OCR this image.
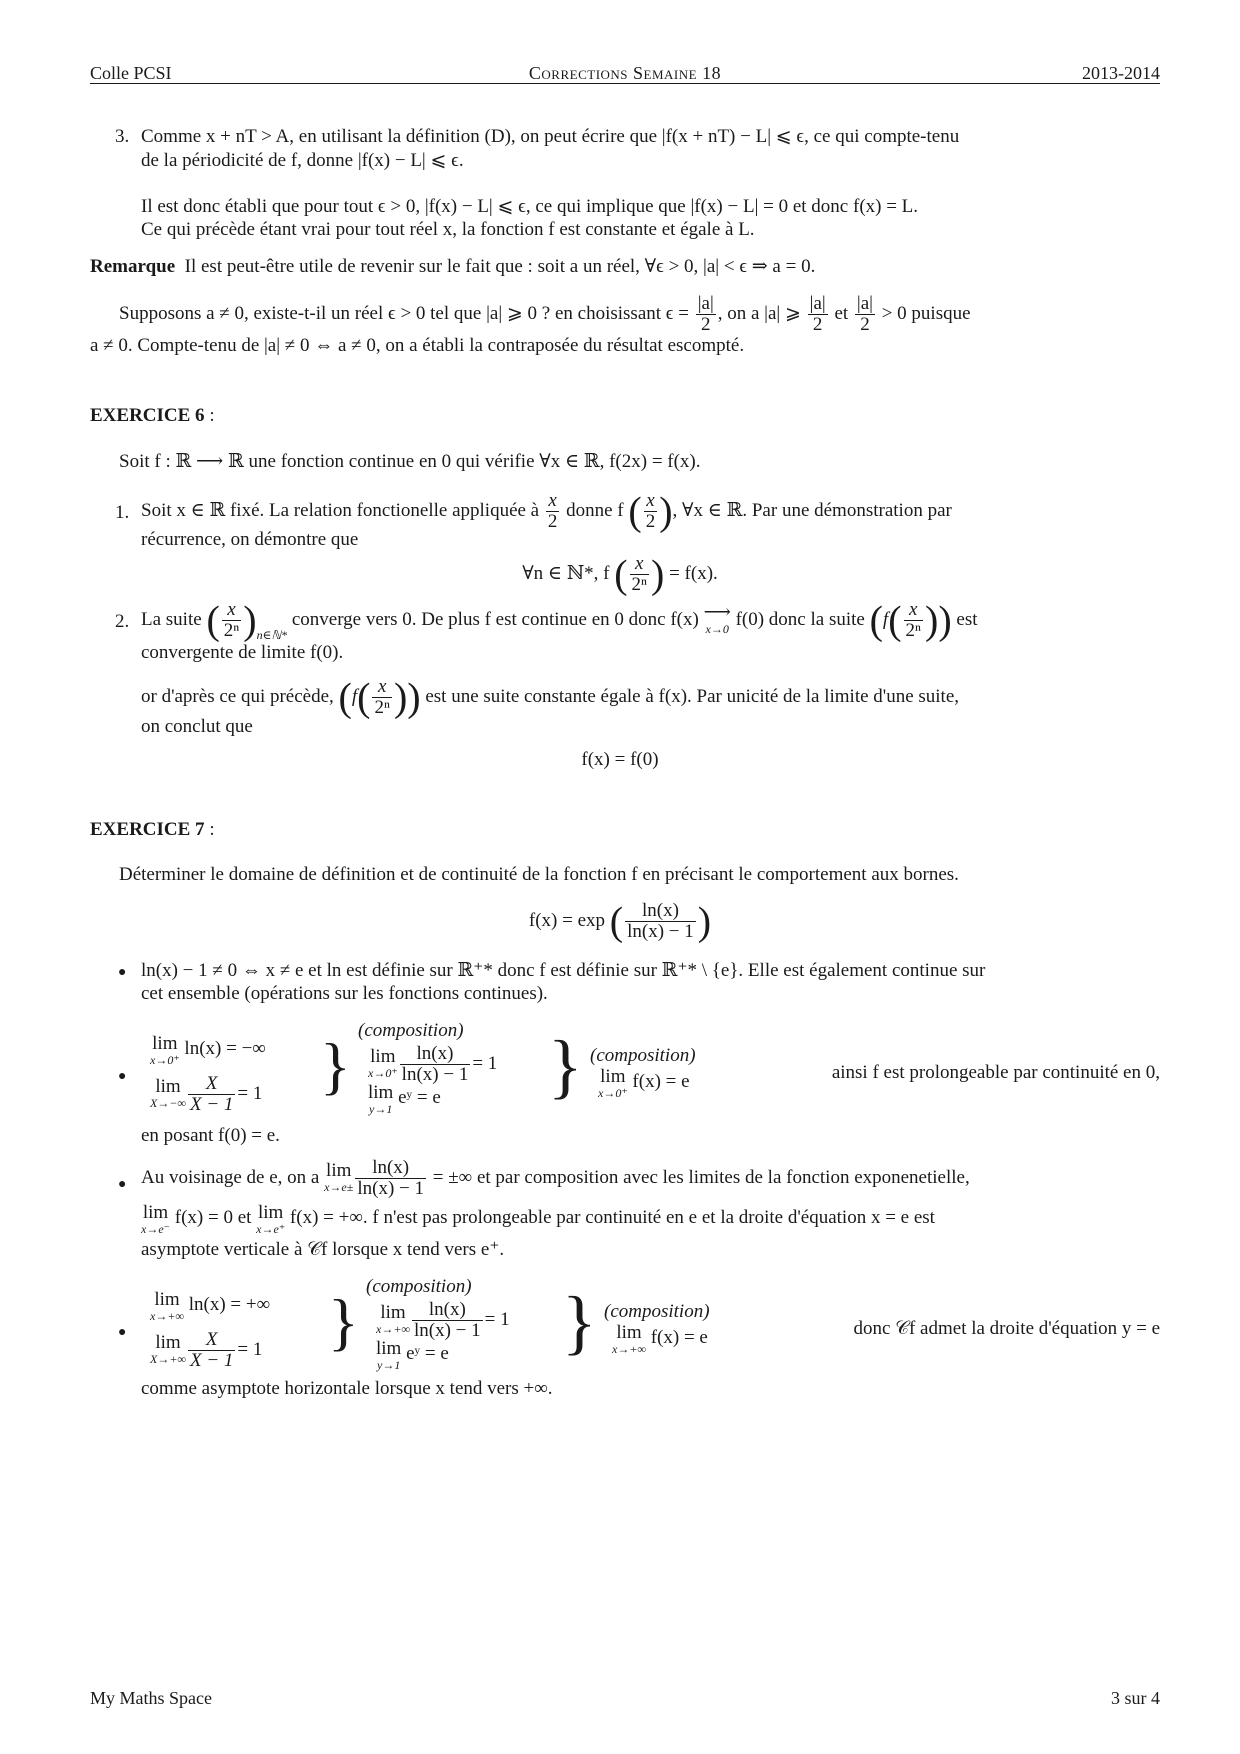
Colle PCSI	Corrections Semaine 18	2013-2014
3. Comme x + nT > A, en utilisant la définition (D), on peut écrire que |f(x + nT) − L| ⩽ ϵ, ce qui compte-tenu
de la périodicité de f, donne |f(x) − L| ⩽ ϵ.
Il est donc établi que pour tout ϵ > 0, |f(x) − L| ⩽ ϵ, ce qui implique que |f(x) − L| = 0 et donc f(x) = L.
Ce qui précède étant vrai pour tout réel x, la fonction f est constante et égale à L.
Remarque Il est peut-être utile de revenir sur le fait que : soit a un réel, ∀ϵ > 0, |a| < ϵ ⇒ a = 0.
Supposons a ≠ 0, existe-t-il un réel ϵ > 0 tel que |a| ⩾ 0 ? en choisissant $\epsilon = \frac{|a|}{2}$ , on a |a| ⩾ $\frac{|a|}{2}$ et $\frac{|a|}{2} > 0$ puisque
a ≠ 0. Compte-tenu de |a| ≠ 0 ⇔ a ≠ 0, on a établi la contraposée du résultat escompté.
EXERCICE 6 :
Soit f : ℝ ⟶ ℝ une fonction continue en 0 qui vérifie ∀x ∈ ℝ, f(2x) = f(x).
1. Soit x ∈ ℝ fixé. La relation fonctionelle appliquée à $\frac{x}{2}$ donne f ( $\frac{x}{2}$ ), ∀x ∈ ℝ. Par une démonstration par
récurrence, on démontre que
∀n ∈ ℕ*, f ( $\frac{x}{\text{2ⁿ}}$ ) = f(x).
2. La suite ( $\frac{x}{\text{2ⁿ}} )_{n\in ℕ*}$ converge vers 0. De plus f est continue en 0 donc f(x) ⟶
x→0 f(0) donc la suite ($f( \frac{x}{\text{2ⁿ}}$ )) est
convergente de limite f(0).
or d'après ce qui précède, ($f( \frac{x}{\text{2ⁿ}}$ )) est une suite constante égale à f(x). Par unicité de la limite d'une suite,
on conclut que
f(x) = f(0)
EXERCICE 7 :
Déterminer le domaine de définition et de continuité de la fonction f en précisant le comportement aux bornes.
f(x) = exp ( $\frac{\ln(x)}{\ln(x) - 1}$ )
● ln(x) − 1 ≠ 0 ⇔ x ≠ e et ln est définie sur ℝ⁺* donc f est définie sur ℝ⁺* \ {e}. Elle est également continue sur
cet ensemble (opérations sur les fonctions continues).
●
lim
x→0⁺
ln(x) = −∞
lim
$X\to-\infty \frac{X}{X - 1} = 1$ } (composition)
lim
$x\to 0^+ \frac{\ln(x)}{\ln(x) - 1} = 1$
lim
y→1
eʸ = e	} (composition)
lim
x→0⁺
f(x) = e	ainsi f est prolongeable par continuité en 0,
en posant f(0) = e.
● Au voisinage de e, on a lim
$x\to e\pm \frac{\ln(x)}{\ln(x) - 1}$ = ±∞ et par composition avec les limites de la fonction exponenetielle,
lim
x→e⁻
f(x) = 0 et lim
x→e⁺
f(x) = +∞. f n'est pas prolongeable par continuité en e et la droite d'équation x = e est
asymptote verticale à 𝒞f lorsque x tend vers e⁺.
●
lim
x→+∞
ln(x) = +∞
lim
$X\to+\infty \frac{X}{X - 1} = 1$	} (composition)
lim
$x\to+\infty \frac{\ln(x)}{\ln(x) - 1} = 1$
lim
y→1
eʸ = e	} (composition)
lim
x→+∞
f(x) = e	donc 𝒞f admet la droite d'équation y = e
comme asymptote horizontale lorsque x tend vers +∞.
My Maths Space	3 sur 4
